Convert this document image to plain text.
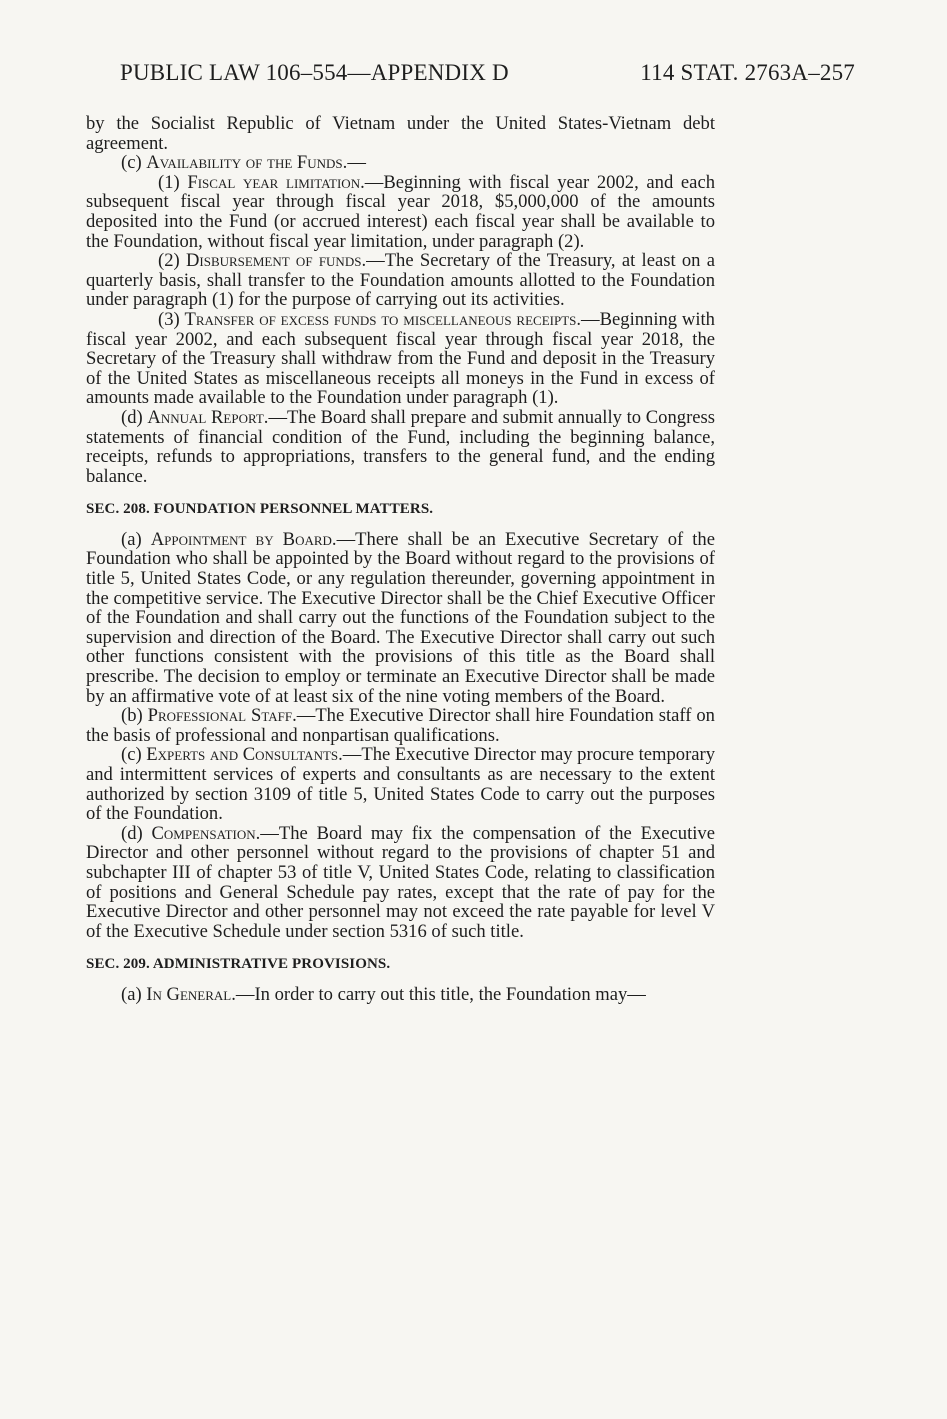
PUBLIC LAW 106–554—APPENDIX D	114 STAT. 2763A–257

by the Socialist Republic of Vietnam under the United States-Vietnam debt agreement.

(c) Availability of the Funds.—

(1) Fiscal year limitation.—Beginning with fiscal year 2002, and each subsequent fiscal year through fiscal year 2018, $5,000,000 of the amounts deposited into the Fund (or accrued interest) each fiscal year shall be available to the Foundation, without fiscal year limitation, under paragraph (2).

(2) Disbursement of funds.—The Secretary of the Treasury, at least on a quarterly basis, shall transfer to the Foundation amounts allotted to the Foundation under paragraph (1) for the purpose of carrying out its activities.

(3) Transfer of excess funds to miscellaneous receipts.—Beginning with fiscal year 2002, and each subsequent fiscal year through fiscal year 2018, the Secretary of the Treasury shall withdraw from the Fund and deposit in the Treasury of the United States as miscellaneous receipts all moneys in the Fund in excess of amounts made available to the Foundation under paragraph (1).

(d) Annual Report.—The Board shall prepare and submit annually to Congress statements of financial condition of the Fund, including the beginning balance, receipts, refunds to appropriations, transfers to the general fund, and the ending balance.

SEC. 208. FOUNDATION PERSONNEL MATTERS.

(a) Appointment by Board.—There shall be an Executive Secretary of the Foundation who shall be appointed by the Board without regard to the provisions of title 5, United States Code, or any regulation thereunder, governing appointment in the competitive service. The Executive Director shall be the Chief Executive Officer of the Foundation and shall carry out the functions of the Foundation subject to the supervision and direction of the Board. The Executive Director shall carry out such other functions consistent with the provisions of this title as the Board shall prescribe. The decision to employ or terminate an Executive Director shall be made by an affirmative vote of at least six of the nine voting members of the Board.

(b) Professional Staff.—The Executive Director shall hire Foundation staff on the basis of professional and nonpartisan qualifications.

(c) Experts and Consultants.—The Executive Director may procure temporary and intermittent services of experts and consultants as are necessary to the extent authorized by section 3109 of title 5, United States Code to carry out the purposes of the Foundation.

(d) Compensation.—The Board may fix the compensation of the Executive Director and other personnel without regard to the provisions of chapter 51 and subchapter III of chapter 53 of title V, United States Code, relating to classification of positions and General Schedule pay rates, except that the rate of pay for the Executive Director and other personnel may not exceed the rate payable for level V of the Executive Schedule under section 5316 of such title.

SEC. 209. ADMINISTRATIVE PROVISIONS.

(a) In General.—In order to carry out this title, the Foundation may—
